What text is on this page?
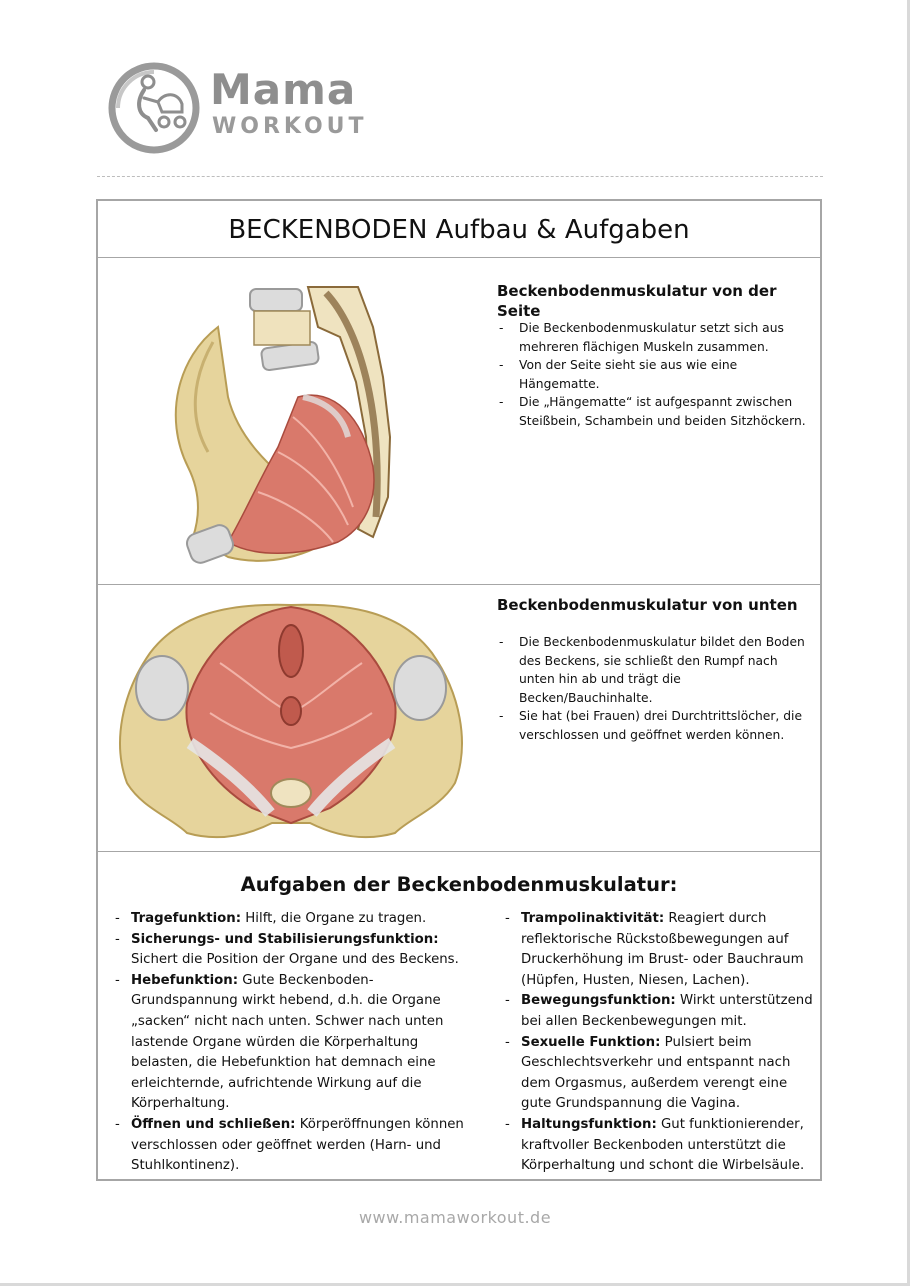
Mama
WORKOUT
BECKENBODEN Aufbau & Aufgaben
Beckenbodenmuskulatur von der Seite
- Die Beckenbodenmuskulatur setzt sich aus mehreren flächigen Muskeln zusammen.
- Von der Seite sieht sie aus wie eine Hängematte.
- Die „Hängematte“ ist aufgespannt zwischen Steißbein, Schambein und beiden Sitzhöckern.
Beckenbodenmuskulatur von unten
- Die Beckenbodenmuskulatur bildet den Boden des Beckens, sie schließt den Rumpf nach unten hin ab und trägt die Becken/Bauchinhalte.
- Sie hat (bei Frauen) drei Durchtrittslöcher, die verschlossen und geöffnet werden können.
Aufgaben der Beckenbodenmuskulatur:
- Tragefunktion: Hilft, die Organe zu tragen.
- Sicherungs- und Stabilisierungsfunktion: Sichert die Position der Organe und des Beckens.
- Hebefunktion: Gute Beckenboden-Grundspannung wirkt hebend, d.h. die Organe „sacken“ nicht nach unten. Schwer nach unten lastende Organe würden die Körperhaltung belasten, die Hebefunktion hat demnach eine erleichternde, aufrichtende Wirkung auf die Körperhaltung.
- Öffnen und schließen: Körperöffnungen können verschlossen oder geöffnet werden (Harn- und Stuhlkontinenz).
- Trampolinaktivität: Reagiert durch reflektorische Rückstoßbewegungen auf Druckerhöhung im Brust- oder Bauchraum (Hüpfen, Husten, Niesen, Lachen).
- Bewegungsfunktion: Wirkt unterstützend bei allen Beckenbewegungen mit.
- Sexuelle Funktion: Pulsiert beim Geschlechtsverkehr und entspannt nach dem Orgasmus, außerdem verengt eine gute Grundspannung die Vagina.
- Haltungsfunktion: Gut funktionierender, kraftvoller Beckenboden unterstützt die Körperhaltung und schont die Wirbelsäule.
www.mamaworkout.de
